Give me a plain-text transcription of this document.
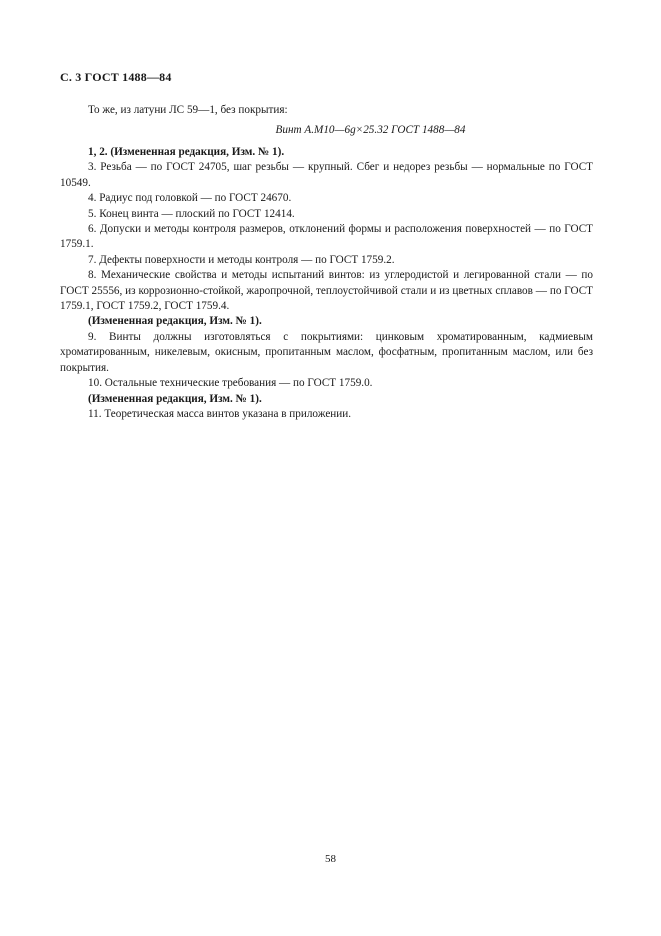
С. 3 ГОСТ 1488—84

То же, из латуни ЛС 59—1, без покрытия:

Винт А.М10—6g×25.32 ГОСТ 1488—84

1, 2. (Измененная редакция, Изм. № 1).

3. Резьба — по ГОСТ 24705, шаг резьбы — крупный. Сбег и недорез резьбы — нормальные по ГОСТ 10549.

4. Радиус под головкой — по ГОСТ 24670.

5. Конец винта — плоский по ГОСТ 12414.

6. Допуски и методы контроля размеров, отклонений формы и расположения поверхностей — по ГОСТ 1759.1.

7. Дефекты поверхности и методы контроля — по ГОСТ 1759.2.

8. Механические свойства и методы испытаний винтов: из углеродистой и легированной стали — по ГОСТ 25556, из коррозионно-стойкой, жаропрочной, теплоустойчивой стали и из цветных сплавов — по ГОСТ 1759.1, ГОСТ 1759.2, ГОСТ 1759.4.

(Измененная редакция, Изм. № 1).

9. Винты должны изготовляться с покрытиями: цинковым хроматированным, кадмиевым хроматированным, никелевым, окисным, пропитанным маслом, фосфатным, пропитанным маслом, или без покрытия.

10. Остальные технические требования — по ГОСТ 1759.0.

(Измененная редакция, Изм. № 1).

11. Теоретическая масса винтов указана в приложении.

58
